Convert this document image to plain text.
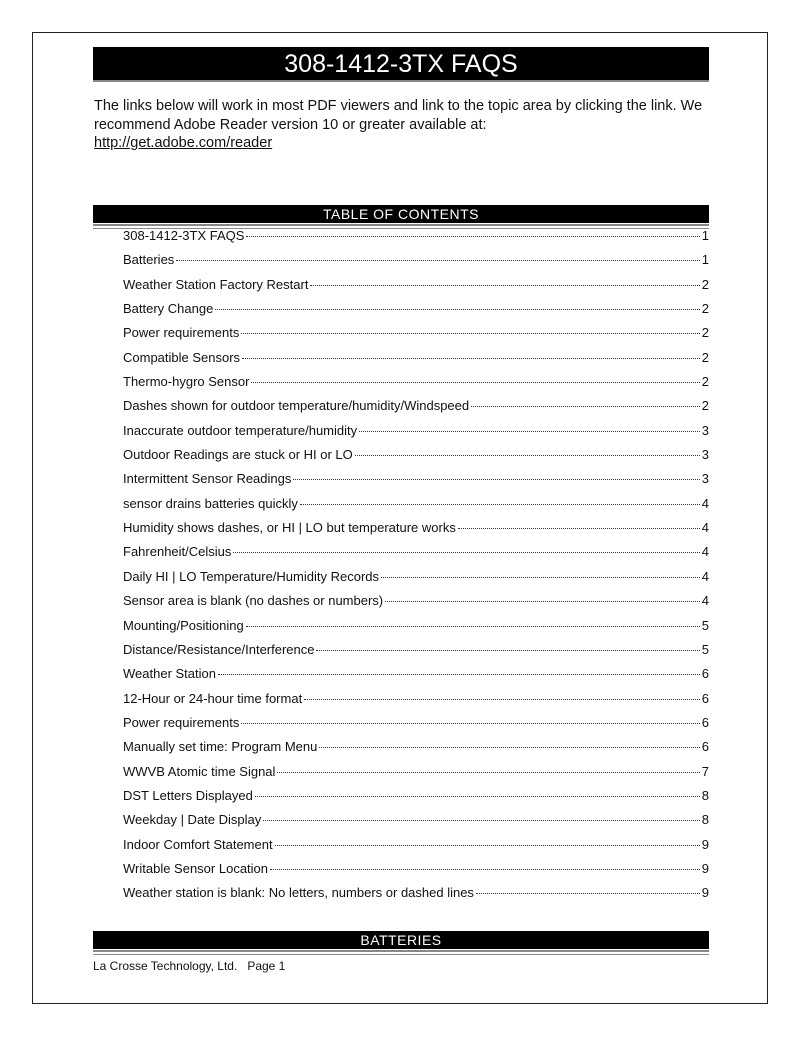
308-1412-3TX FAQS
The links below will work in most PDF viewers and link to the topic area by clicking the link. We recommend Adobe Reader version 10 or greater available at:
http://get.adobe.com/reader
TABLE OF CONTENTS
308-1412-3TX FAQS	1
Batteries	1
Weather Station Factory Restart	2
Battery Change	2
Power requirements	2
Compatible Sensors	2
Thermo-hygro Sensor	2
Dashes shown for outdoor temperature/humidity/Windspeed	2
Inaccurate outdoor temperature/humidity	3
Outdoor Readings are stuck or HI or LO	3
Intermittent Sensor Readings	3
sensor drains batteries quickly	4
Humidity shows dashes, or HI | LO but temperature works	4
Fahrenheit/Celsius	4
Daily HI | LO Temperature/Humidity Records	4
Sensor area is blank (no dashes or numbers)	4
Mounting/Positioning	5
Distance/Resistance/Interference	5
Weather Station	6
12-Hour or 24-hour time format	6
Power requirements	6
Manually set time: Program Menu	6
WWVB Atomic time Signal	7
DST Letters Displayed	8
Weekday | Date Display	8
Indoor Comfort Statement	9
Writable Sensor Location	9
Weather station is blank: No letters, numbers or dashed lines	9
BATTERIES
La Crosse Technology, Ltd.   Page 1
